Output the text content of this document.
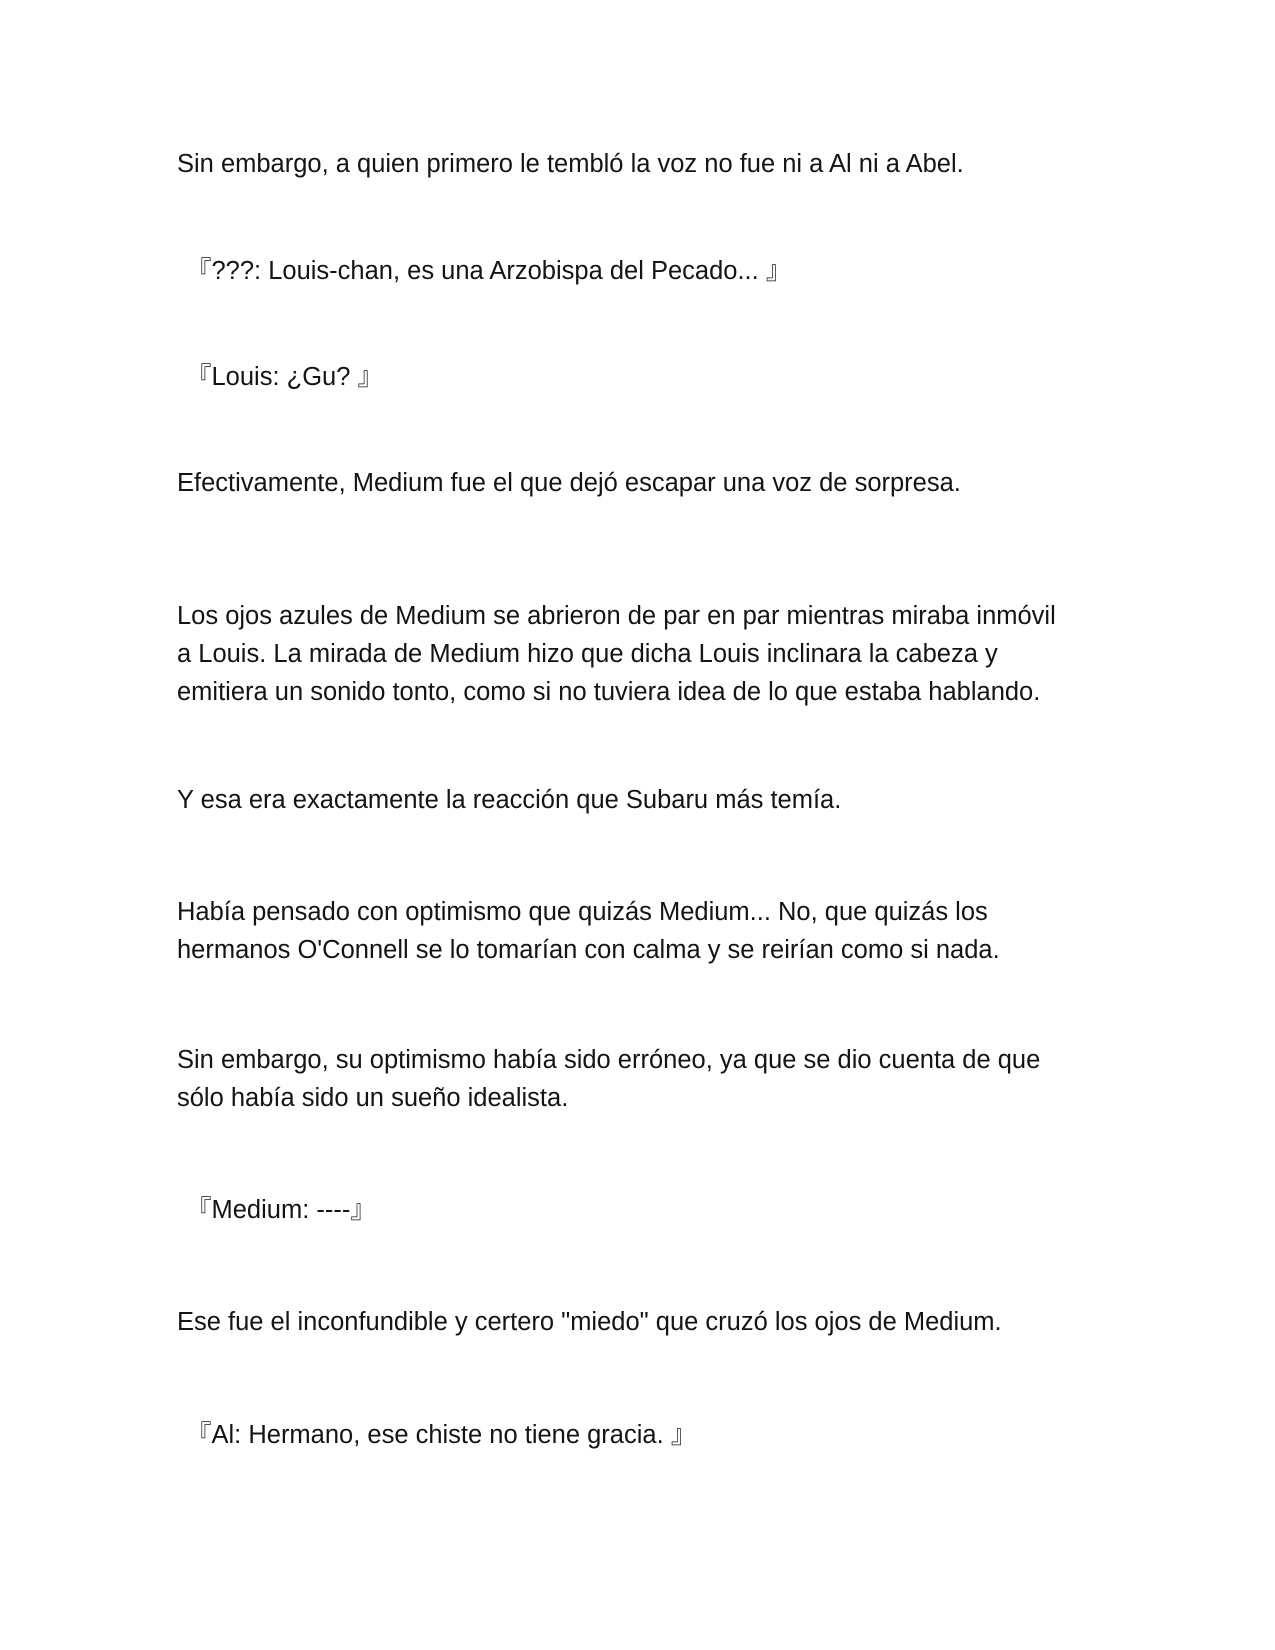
Sin embargo, a quien primero le tembló la voz no fue ni a Al ni a Abel.

『???: Louis-chan, es una Arzobispa del Pecado... 』

『Louis: ¿Gu? 』

Efectivamente, Medium fue el que dejó escapar una voz de sorpresa.

Los ojos azules de Medium se abrieron de par en par mientras miraba inmóvil
a Louis. La mirada de Medium hizo que dicha Louis inclinara la cabeza y
emitiera un sonido tonto, como si no tuviera idea de lo que estaba hablando.

Y esa era exactamente la reacción que Subaru más temía.

Había pensado con optimismo que quizás Medium... No, que quizás los
hermanos O'Connell se lo tomarían con calma y se reirían como si nada.

Sin embargo, su optimismo había sido erróneo, ya que se dio cuenta de que
sólo había sido un sueño idealista.

『Medium: ----』

Ese fue el inconfundible y certero "miedo" que cruzó los ojos de Medium.

『Al: Hermano, ese chiste no tiene gracia. 』
